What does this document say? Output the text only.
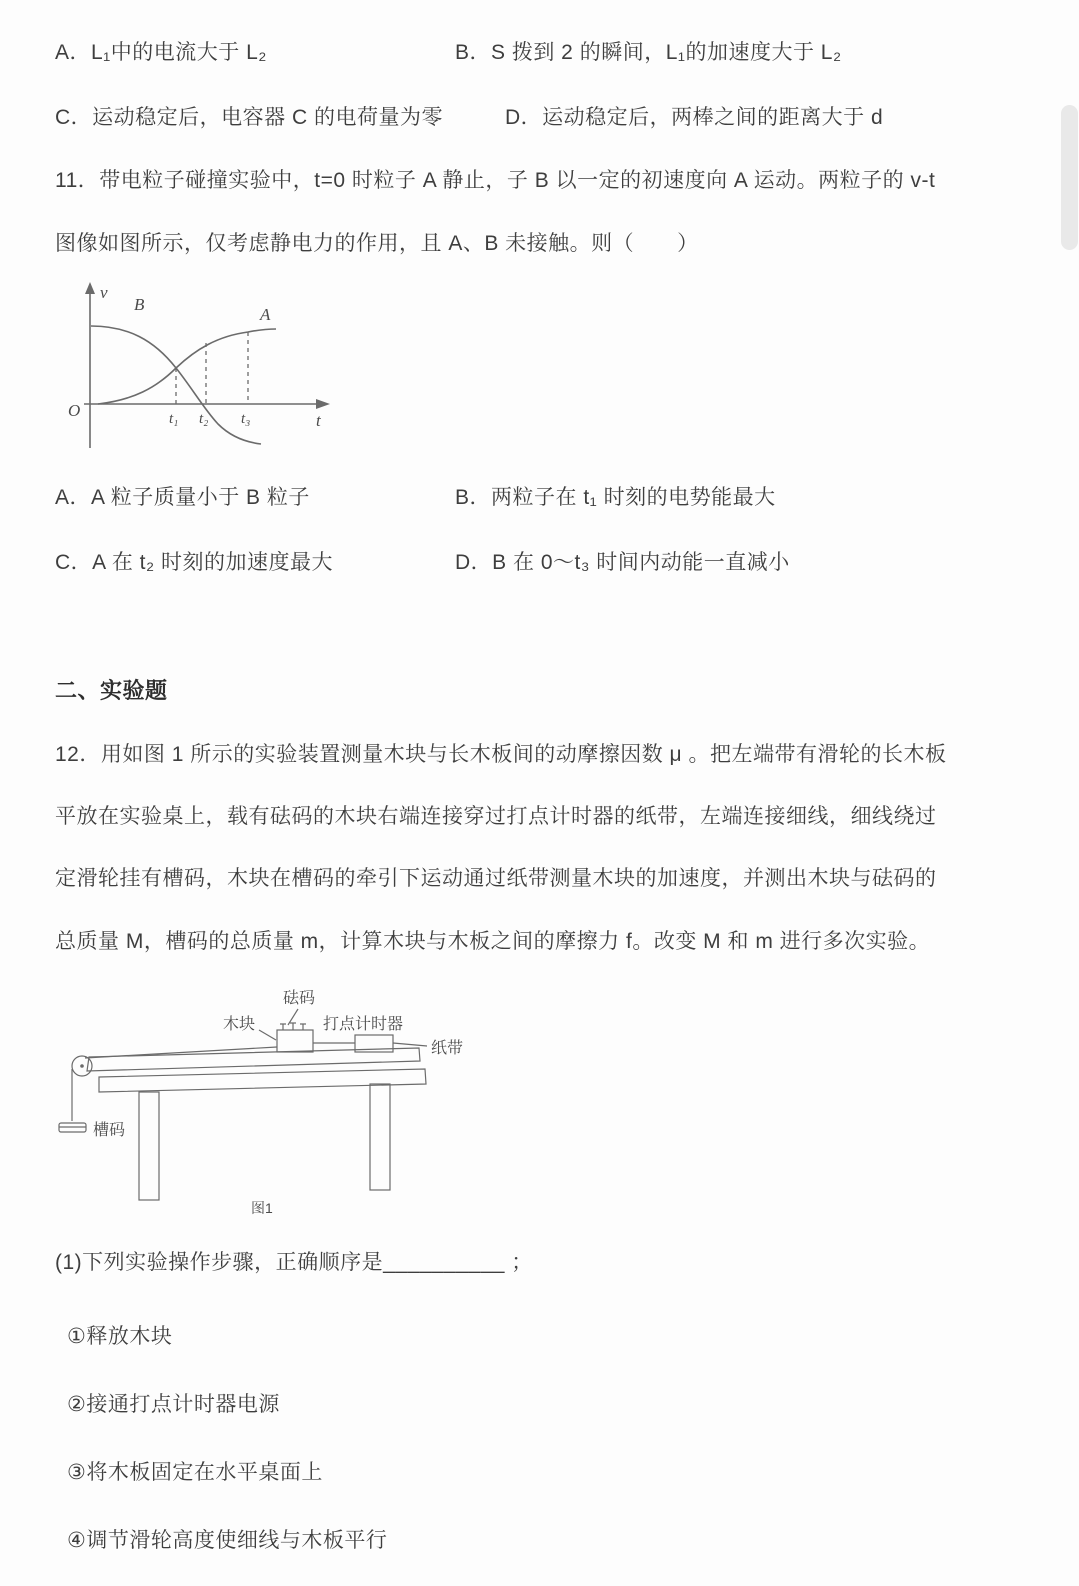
A．L₁中的电流大于 L₂	B．S 拨到 2 的瞬间，L₁的加速度大于 L₂
C．运动稳定后，电容器 C 的电荷量为零	D．运动稳定后，两棒之间的距离大于 d
11．带电粒子碰撞实验中，t=0 时粒子 A 静止，子 B 以一定的初速度向 A 运动。两粒子的 v-t
图像如图所示，仅考虑静电力的作用，且 A、B 未接触。则（　　）
v
t
O
B
A
t₁ t₂ t₃
A．A 粒子质量小于 B 粒子	B．两粒子在 t₁ 时刻的电势能最大
C．A 在 t₂ 时刻的加速度最大	D．B 在 0～t₃ 时间内动能一直减小
二、实验题
12．用如图 1 所示的实验装置测量木块与长木板间的动摩擦因数 μ 。把左端带有滑轮的长木板
平放在实验桌上，载有砝码的木块右端连接穿过打点计时器的纸带，左端连接细线，细线绕过
定滑轮挂有槽码，木块在槽码的牵引下运动通过纸带测量木块的加速度，并测出木块与砝码的
总质量 M，槽码的总质量 m，计算木块与木板之间的摩擦力 f。改变 M 和 m 进行多次实验。
砝码
木块	打点计时器
纸带
槽码
图1
(1)下列实验操作步骤，正确顺序是__________ ；
①释放木块
②接通打点计时器电源
③将木板固定在水平桌面上
④调节滑轮高度使细线与木板平行
